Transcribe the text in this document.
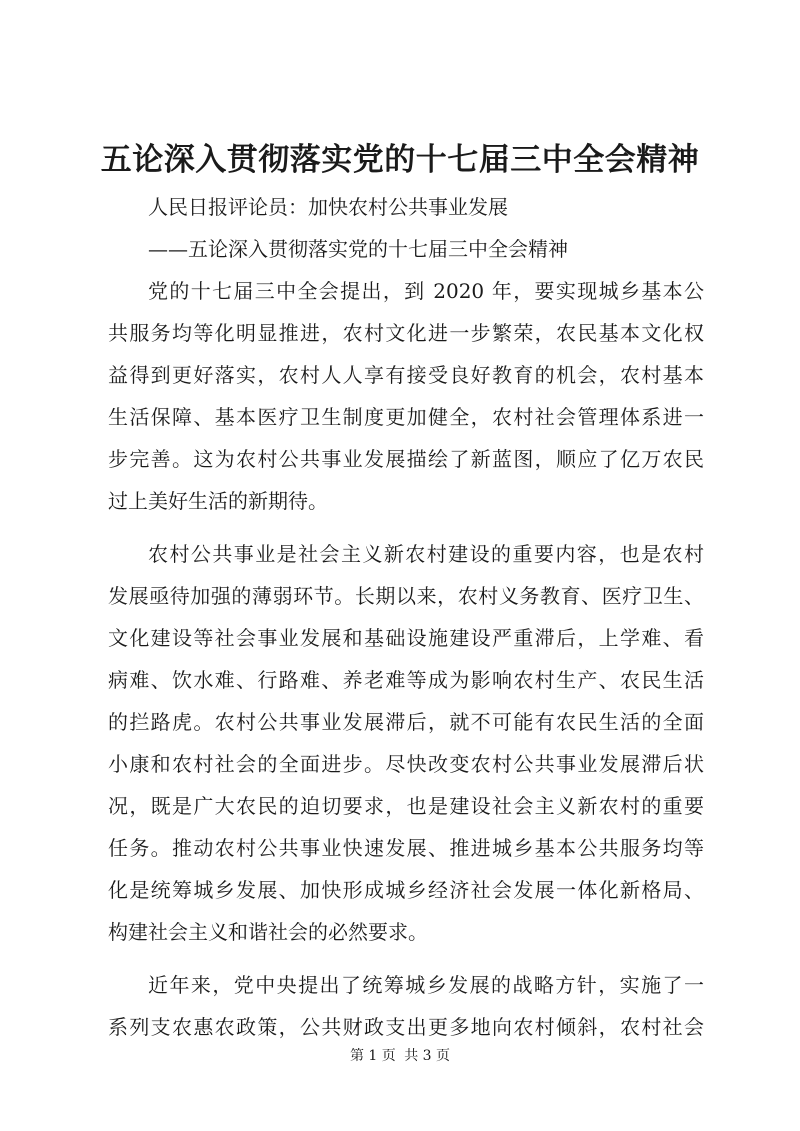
五论深入贯彻落实党的十七届三中全会精神
人民日报评论员：加快农村公共事业发展
——五论深入贯彻落实党的十七届三中全会精神
党的十七届三中全会提出，到 2020 年，要实现城乡基本公
共服务均等化明显推进，农村文化进一步繁荣，农民基本文化权
益得到更好落实，农村人人享有接受良好教育的机会，农村基本
生活保障、基本医疗卫生制度更加健全，农村社会管理体系进一
步完善。这为农村公共事业发展描绘了新蓝图，顺应了亿万农民
过上美好生活的新期待。
农村公共事业是社会主义新农村建设的重要内容，也是农村
发展亟待加强的薄弱环节。长期以来，农村义务教育、医疗卫生、
文化建设等社会事业发展和基础设施建设严重滞后，上学难、看
病难、饮水难、行路难、养老难等成为影响农村生产、农民生活
的拦路虎。农村公共事业发展滞后，就不可能有农民生活的全面
小康和农村社会的全面进步。尽快改变农村公共事业发展滞后状
况，既是广大农民的迫切要求，也是建设社会主义新农村的重要
任务。推动农村公共事业快速发展、推进城乡基本公共服务均等
化是统筹城乡发展、加快形成城乡经济社会发展一体化新格局、
构建社会主义和谐社会的必然要求。
近年来，党中央提出了统筹城乡发展的战略方针，实施了一
系列支农惠农政策，公共财政支出更多地向农村倾斜，农村社会
第 1 页 共 3 页
